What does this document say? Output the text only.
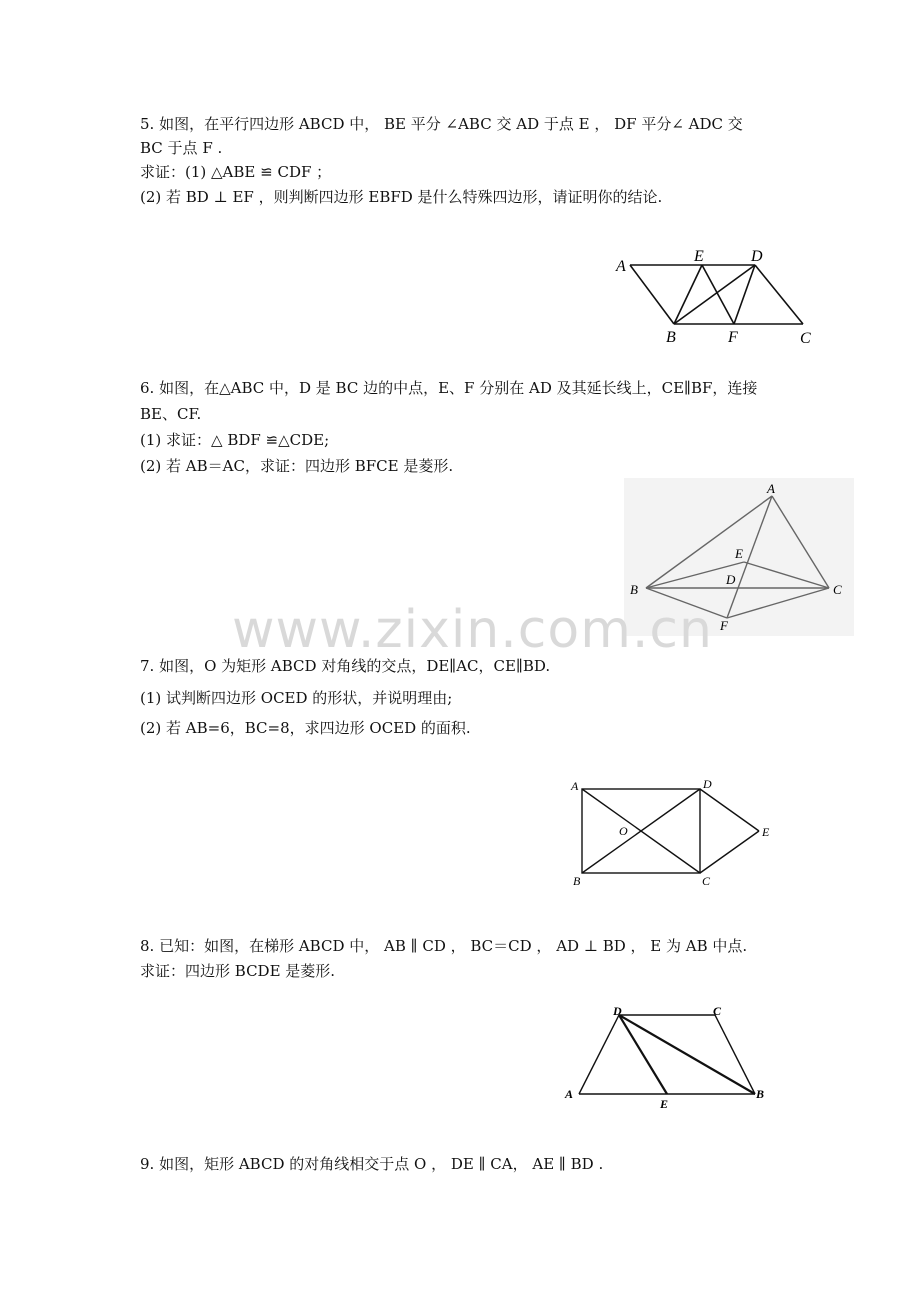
5. 如图，在平行四边形 ABCD 中， BE 平分 ∠ABC 交 AD 于点 E ， DF 平分∠ ADC 交
BC 于点 F .
求证：(1) △ABE ≌ CDF ；
(2) 若 BD ⊥ EF ，则判断四边形 EBFD 是什么特殊四边形，请证明你的结论.
A
E	D
B	F	C
6. 如图，在△ABC 中，D 是 BC 边的中点，E、F 分别在 AD 及其延长线上，CE∥BF，连接
BE、CF.
(1) 求证：△ BDF ≌△CDE;
(2) 若 AB＝AC，求证：四边形 BFCE 是菱形.
A
E
D
B	C
F
www.zixin.com.cn
7. 如图，O 为矩形 ABCD 对角线的交点，DE∥AC，CE∥BD.
(1) 试判断四边形 OCED 的形状，并说明理由;
(2) 若 AB=6，BC=8，求四边形 OCED 的面积.
A	D
O	E
B	C
8. 已知：如图，在梯形 ABCD 中， AB ∥ CD ， BC＝CD ， AD ⊥ BD ， E 为 AB 中点.
求证：四边形 BCDE 是菱形.
D	C
A
E
B
9. 如图，矩形 ABCD 的对角线相交于点 O ， DE ∥ CA， AE ∥ BD .
